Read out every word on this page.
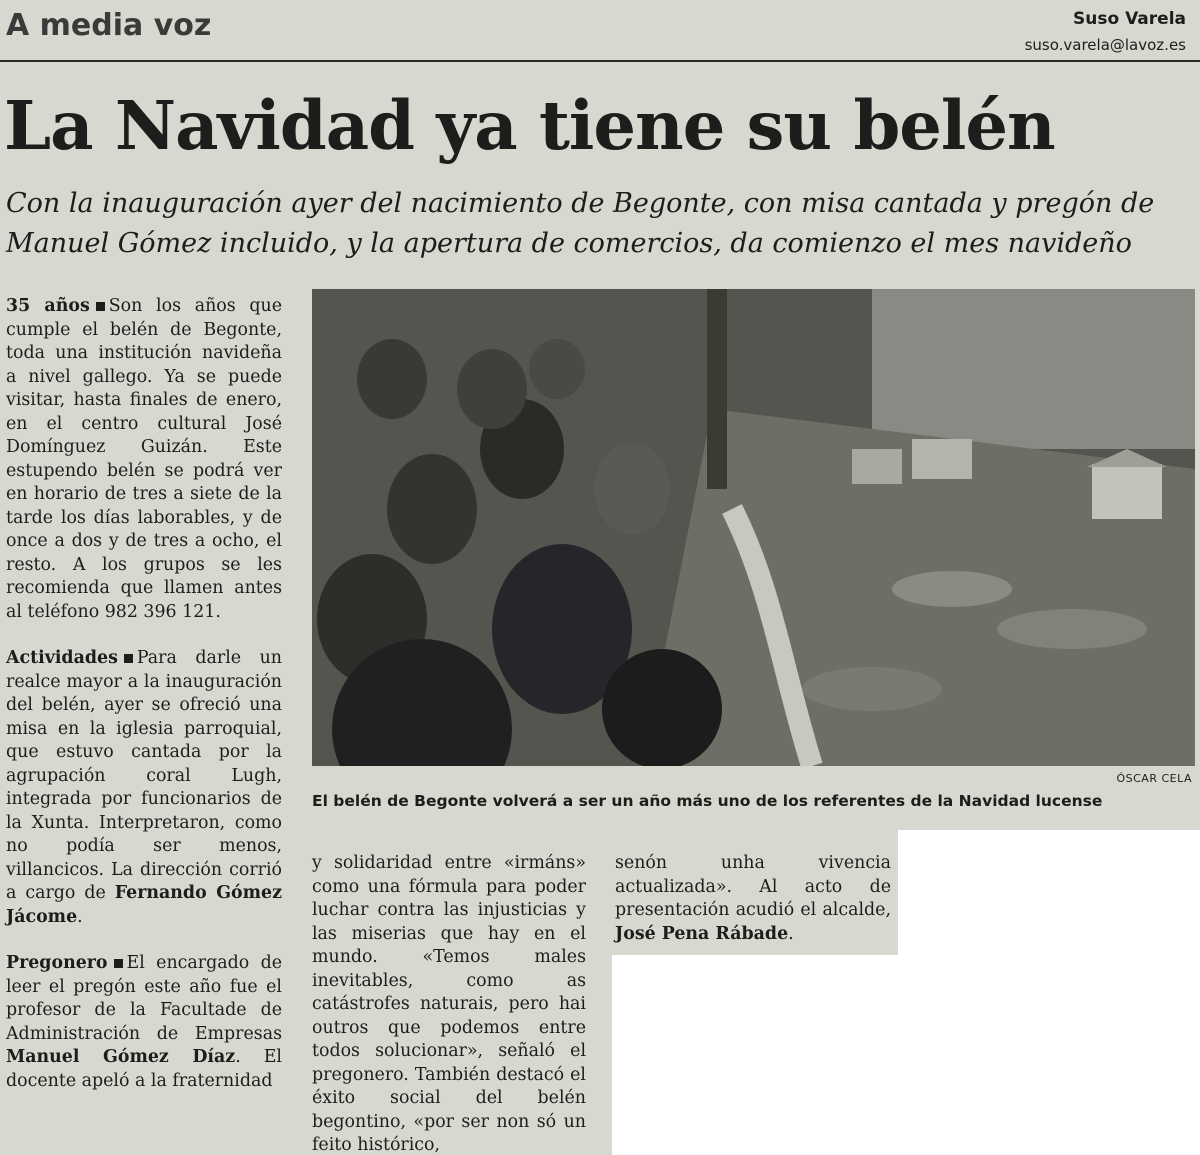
A media voz	Suso Varela
suso.varela@lavoz.es
La Navidad ya tiene su belén
Con la inauguración ayer del nacimiento de Begonte, con misa cantada y pregón de Manuel Gómez incluido, y la apertura de comercios, da comienzo el mes navideño

35 años Son los años que cumple el belén de Begonte, toda una institución navideña a nivel gallego. Ya se puede visitar, hasta finales de enero, en el centro cultural José Domínguez Guizán. Este estupendo belén se podrá ver en horario de tres a siete de la tarde los días laborables, y de once a dos y de tres a ocho, el resto. A los grupos se les recomienda que llamen antes al teléfono 982 396 121.

Actividades Para darle un realce mayor a la inauguración del belén, ayer se ofreció una misa en la iglesia parroquial, que estuvo cantada por la agrupación coral Lugh, integrada por funcionarios de la Xunta. Interpretaron, como no podía ser menos, villancicos. La dirección corrió a cargo de Fernando Gómez Jácome.

Pregonero El encargado de leer el pregón este año fue el profesor de la Facultade de Administración de Empresas Manuel Gómez Díaz. El docente apeló a la fraternidad

ÓSCAR CELA
El belén de Begonte volverá a ser un año más uno de los referentes de la Navidad lucense

y solidaridad entre «irmáns» como una fórmula para poder luchar contra las injusticias y las miserias que hay en el mundo. «Temos males inevitables, como as catástrofes naturais, pero hai outros que podemos entre todos solucionar», señaló el pregonero. También destacó el éxito social del belén begontino, «por ser non só un feito histórico,

senón unha vivencia actualizada». Al acto de presentación acudió el alcalde, José Pena Rábade.
